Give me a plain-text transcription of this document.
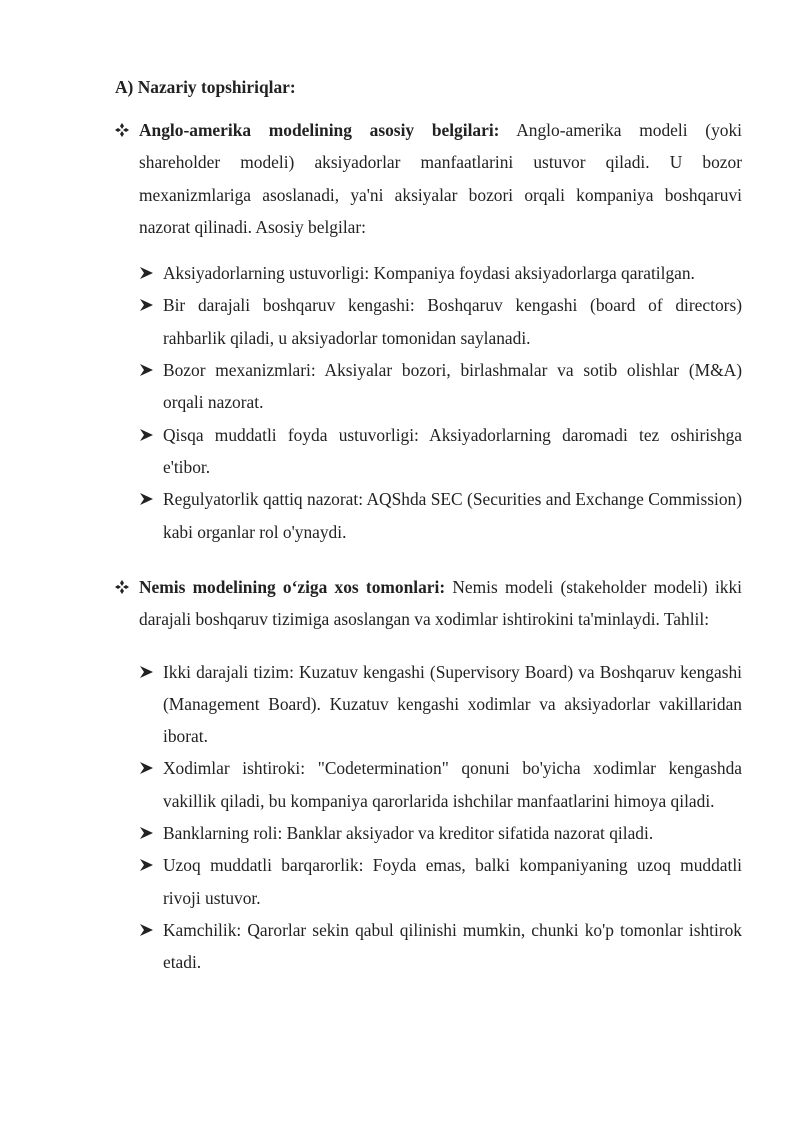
A) Nazariy topshiriqlar:

Anglo-amerika modelining asosiy belgilari: Anglo-amerika modeli (yoki shareholder modeli) aksiyadorlar manfaatlarini ustuvor qiladi. U bozor mexanizmlariga asoslanadi, ya'ni aksiyalar bozori orqali kompaniya boshqaruvi nazorat qilinadi. Asosiy belgilar:

Aksiyadorlarning ustuvorligi: Kompaniya foydasi aksiyadorlarga qaratilgan.
Bir darajali boshqaruv kengashi: Boshqaruv kengashi (board of directors) rahbarlik qiladi, u aksiyadorlar tomonidan saylanadi.
Bozor mexanizmlari: Aksiyalar bozori, birlashmalar va sotib olishlar (M&A) orqali nazorat.
Qisqa muddatli foyda ustuvorligi: Aksiyadorlarning daromadi tez oshirishga e'tibor.
Regulyatorlik qattiq nazorat: AQShda SEC (Securities and Exchange Commission) kabi organlar rol o'ynaydi.

Nemis modelining o‘ziga xos tomonlari: Nemis modeli (stakeholder modeli) ikki darajali boshqaruv tizimiga asoslangan va xodimlar ishtirokini ta'minlaydi. Tahlil:

Ikki darajali tizim: Kuzatuv kengashi (Supervisory Board) va Boshqaruv kengashi (Management Board). Kuzatuv kengashi xodimlar va aksiyadorlar vakillaridan iborat.
Xodimlar ishtiroki: "Codetermination" qonuni bo'yicha xodimlar kengashda vakillik qiladi, bu kompaniya qarorlarida ishchilar manfaatlarini himoya qiladi.
Banklarning roli: Banklar aksiyador va kreditor sifatida nazorat qiladi.
Uzoq muddatli barqarorlik: Foyda emas, balki kompaniyaning uzoq muddatli rivoji ustuvor.
Kamchilik: Qarorlar sekin qabul qilinishi mumkin, chunki ko'p tomonlar ishtirok etadi.
